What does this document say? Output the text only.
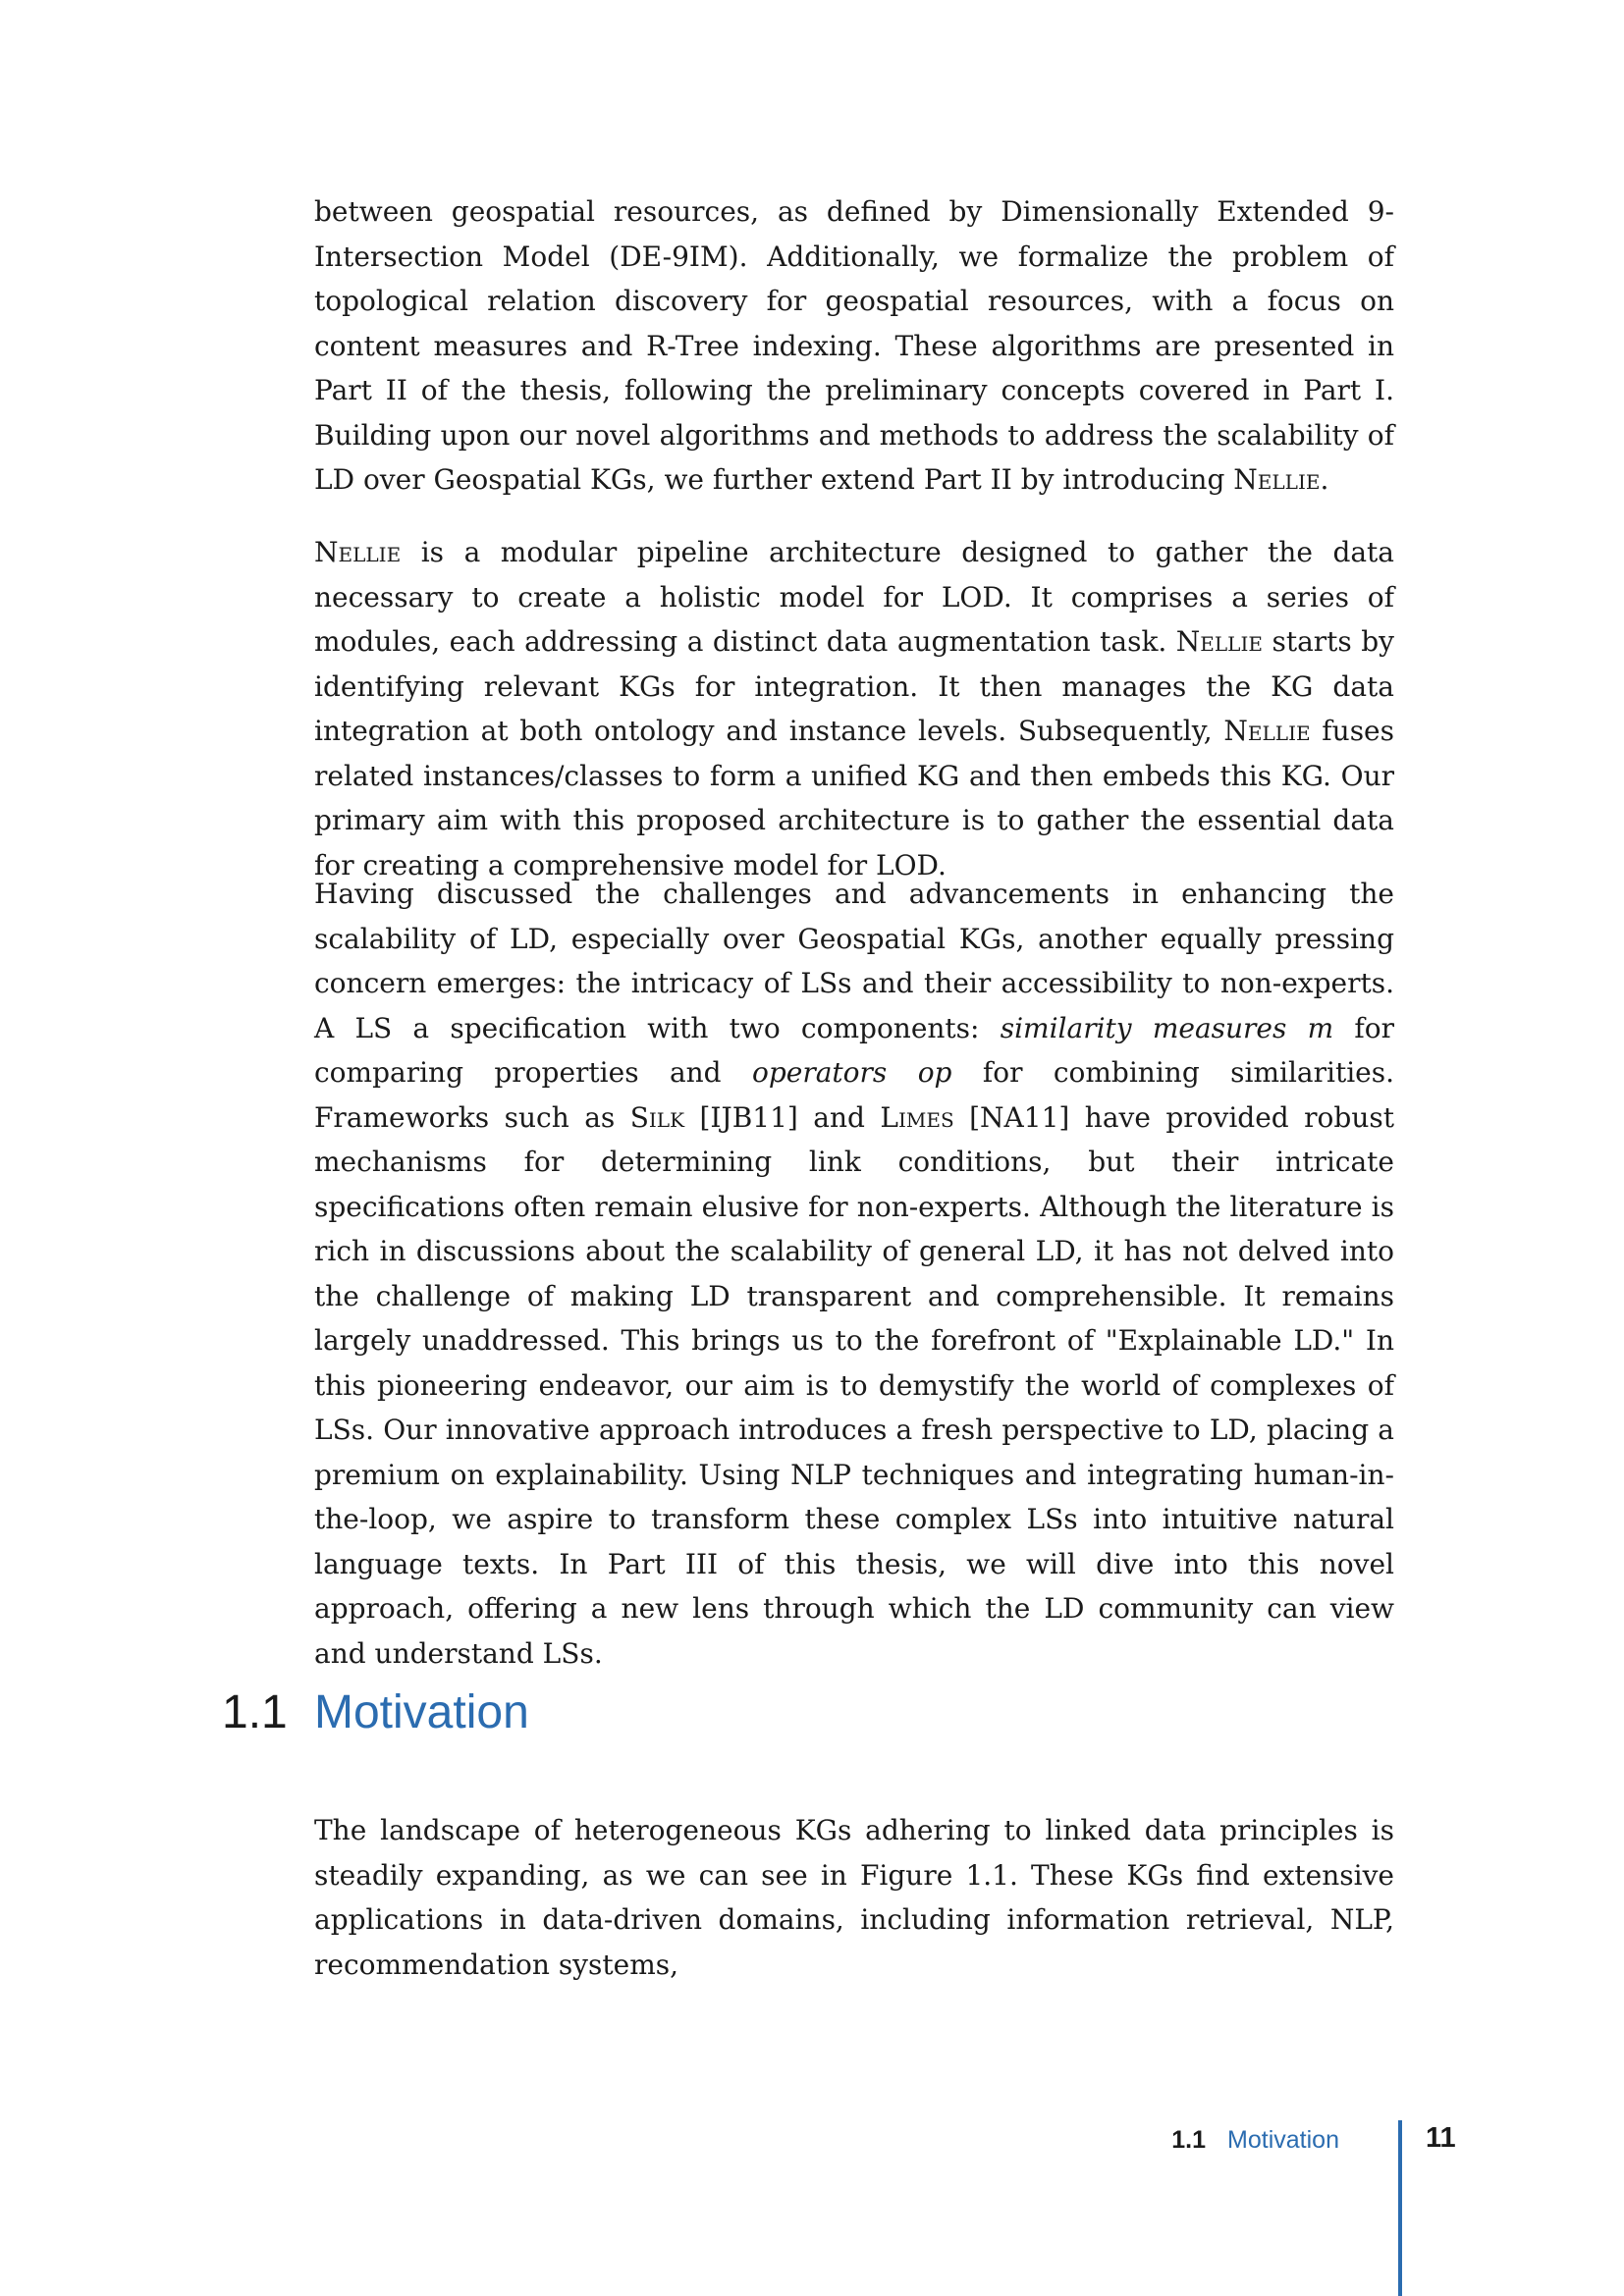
between geospatial resources, as defined by Dimensionally Extended 9-Intersection Model (DE-9IM). Additionally, we formalize the problem of topological relation discovery for geospatial resources, with a focus on content measures and R-Tree indexing. These algorithms are presented in Part II of the thesis, following the preliminary concepts covered in Part I. Building upon our novel algorithms and methods to address the scalability of LD over Geospatial KGs, we further extend Part II by introducing Nellie.

Nellie is a modular pipeline architecture designed to gather the data necessary to create a holistic model for LOD. It comprises a series of modules, each addressing a distinct data augmentation task. Nellie starts by identifying relevant KGs for integration. It then manages the KG data integration at both ontology and instance levels. Subsequently, Nellie fuses related instances/classes to form a unified KG and then embeds this KG. Our primary aim with this proposed architecture is to gather the essential data for creating a comprehensive model for LOD.

Having discussed the challenges and advancements in enhancing the scalability of LD, especially over Geospatial KGs, another equally pressing concern emerges: the intricacy of LSs and their accessibility to non-experts. A LS a specification with two components: similarity measures m for comparing properties and operators op for combining similarities. Frameworks such as Silk [IJB11] and Limes [NA11] have provided robust mechanisms for determining link conditions, but their intricate specifications often remain elusive for non-experts. Although the literature is rich in discussions about the scalability of general LD, it has not delved into the challenge of making LD transparent and comprehensible. It remains largely unaddressed. This brings us to the forefront of "Explainable LD." In this pioneering endeavor, our aim is to demystify the world of complexes of LSs. Our innovative approach introduces a fresh perspective to LD, placing a premium on explainability. Using NLP techniques and integrating human-in-the-loop, we aspire to transform these complex LSs into intuitive natural language texts. In Part III of this thesis, we will dive into this novel approach, offering a new lens through which the LD community can view and understand LSs.

1.1 Motivation

The landscape of heterogeneous KGs adhering to linked data principles is steadily expanding, as we can see in Figure 1.1. These KGs find extensive applications in data-driven domains, including information retrieval, NLP, recommendation systems,

1.1 Motivation	11
